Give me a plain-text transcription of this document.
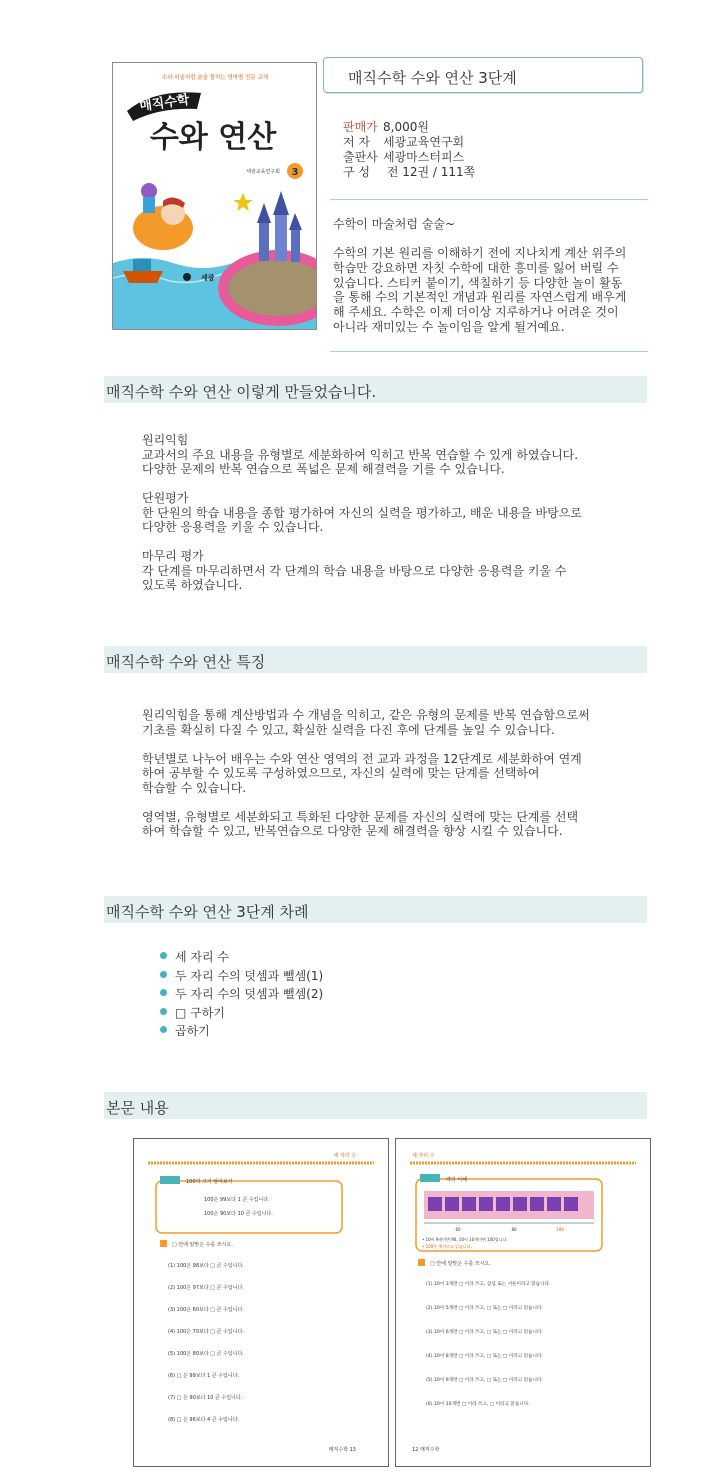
수와 마술처럼 술술 풀리는 영역별 전문 교재
매직수학
수와 연산
세광교육연구회 3
세광
매직수학 수와 연산 3단계
판매가 8,000원
저 자 세광교육연구회
출판사 세광마스터피스
구 성 전 12권 / 111쪽

수학이 마술처럼 술술~

수학의 기본 원리를 이해하기 전에 지나치게 계산 위주의

학습만 강요하면 자칫 수학에 대한 흥미를 잃어 버릴 수

있습니다. 스티커 붙이기, 색칠하기 등 다양한 놀이 활동

을 통해 수의 기본적인 개념과 원리를 자연스럽게 배우게

해 주세요. 수학은 이제 더이상 지루하거나 어려운 것이

아니라 재미있는 수 놀이임을 알게 될거예요.

매직수학 수와 연산 이렇게 만들었습니다.

원리익힘

교과서의 주요 내용을 유형별로 세분화하여 익히고 반복 연습할 수 있게 하였습니다.

다양한 문제의 반복 연습으로 폭넓은 문제 해결력을 기를 수 있습니다.

단원평가

한 단원의 학습 내용을 종합 평가하여 자신의 실력을 평가하고, 배운 내용을 바탕으로

다양한 응용력을 키울 수 있습니다.

마무리 평가

각 단계를 마무리하면서 각 단계의 학습 내용을 바탕으로 다양한 응용력을 키울 수

있도록 하였습니다.

매직수학 수와 연산 특징

원리익힘을 통해 계산방법과 수 개념을 익히고, 같은 유형의 문제를 반복 연습함으로써

기초를 확실히 다질 수 있고, 확실한 실력을 다진 후에 단계를 높일 수 있습니다.

학년별로 나누어 배우는 수와 연산 영역의 전 교과 과정을 12단계로 세분화하여 연계

하여 공부할 수 있도록 구성하였으므로, 자신의 실력에 맞는 단계를 선택하여

학습할 수 있습니다.

영역별, 유형별로 세분화되고 특화된 다양한 문제를 자신의 실력에 맞는 단계를 선택

하여 학습할 수 있고, 반복연습으로 다양한 문제 해결력을 향상 시킬 수 있습니다.

매직수학 수와 연산 3단계 차례
세 자리 수
두 자리 수의 덧셈과 뺄셈(1)
두 자리 수의 덧셈과 뺄셈(2)
□ 구하기
곱하기
본문 내용
세 자리 수
100의 크기 알아보기
100은 99보다 1 큰 수입니다.
100은 90보다 10 큰 수입니다.
□ 안에 알맞은 수를 쓰시오.
(1) 100은 98보다 □ 큰 수입니다.
(2) 100은 97보다 □ 큰 수입니다.
(3) 100은 60보다 □ 큰 수입니다.
(4) 100은 70보다 □ 큰 수입니다.
(5) 100은 80보다 □ 큰 수입니다.
(6) □ 은 99보다 1 큰 수입니다.
(7) □ 은 90보다 10 큰 수입니다.
(8) □ 은 96보다 4 큰 수입니다.
매직수학 13
세 자리 수
백의 이해
60	80	100
• 10이 9개이면 90, 10이 10개이면 100입니다.
• 100은 백이라고 읽습니다.
□ 안에 알맞은 수를 쓰시오.
(1) 10이 3개면 □ 이라 쓰고, 삼십 또는 서른이라고 읽습니다.
(2) 10이 5개면 □ 이라 쓰고, □ 또는 □ 이라고 읽습니다.
(3) 10이 6개면 □ 이라 쓰고, □ 또는 □ 이라고 읽습니다.
(4) 10이 8개면 □ 이라 쓰고, □ 또는 □ 이라고 읽습니다.
(5) 10이 9개면 □ 이라 쓰고, □ 또는 □ 이라고 읽습니다.
(6) 10이 10개면 □ 이라 쓰고, □ 이라고 읽습니다.
12 매직수학
